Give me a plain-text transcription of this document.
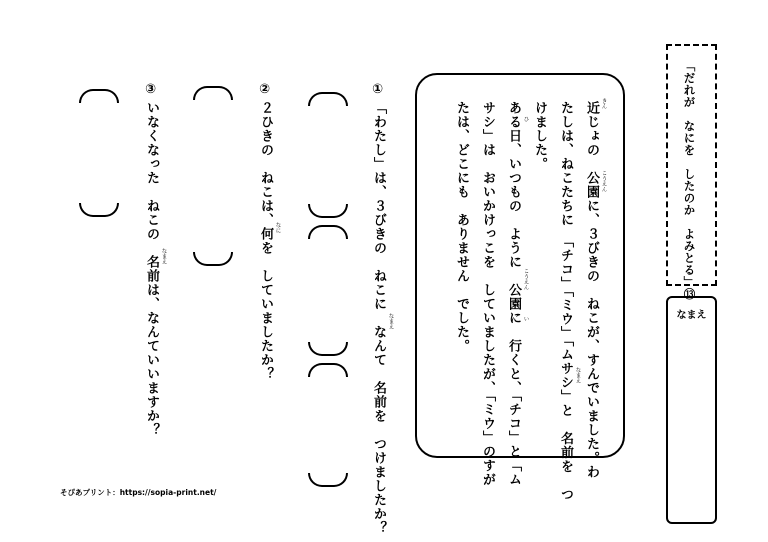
近じょの　公園に、３びきの　ねこが、すんでいました。わ
たしは、ねこたちに　「チコ」「ミウ」「ムサシ」と　名前を　つ
けました。
ある日、いつもの　ように　公園に　行くと、「チコ」と「ム
サシ」は　おいかけっこを　していましたが、「ミウ」のすが
たは、どこにも　ありません　でした。	きん
こうえん
なまえ
ひ
こうえん
い
①
「わたし」は、３びきの　ねこに　なんて　名前を　つけましたか？ なまえ
②
２ひきの　ねこは、何を　していましたか？ なに
③
いなくなった　ねこの　名前は、なんていいますか？ なまえ	「だれが　なにを　したのか　よみとる」⑬
なまえ
そぴあプリント：https://sopia-print.net/
